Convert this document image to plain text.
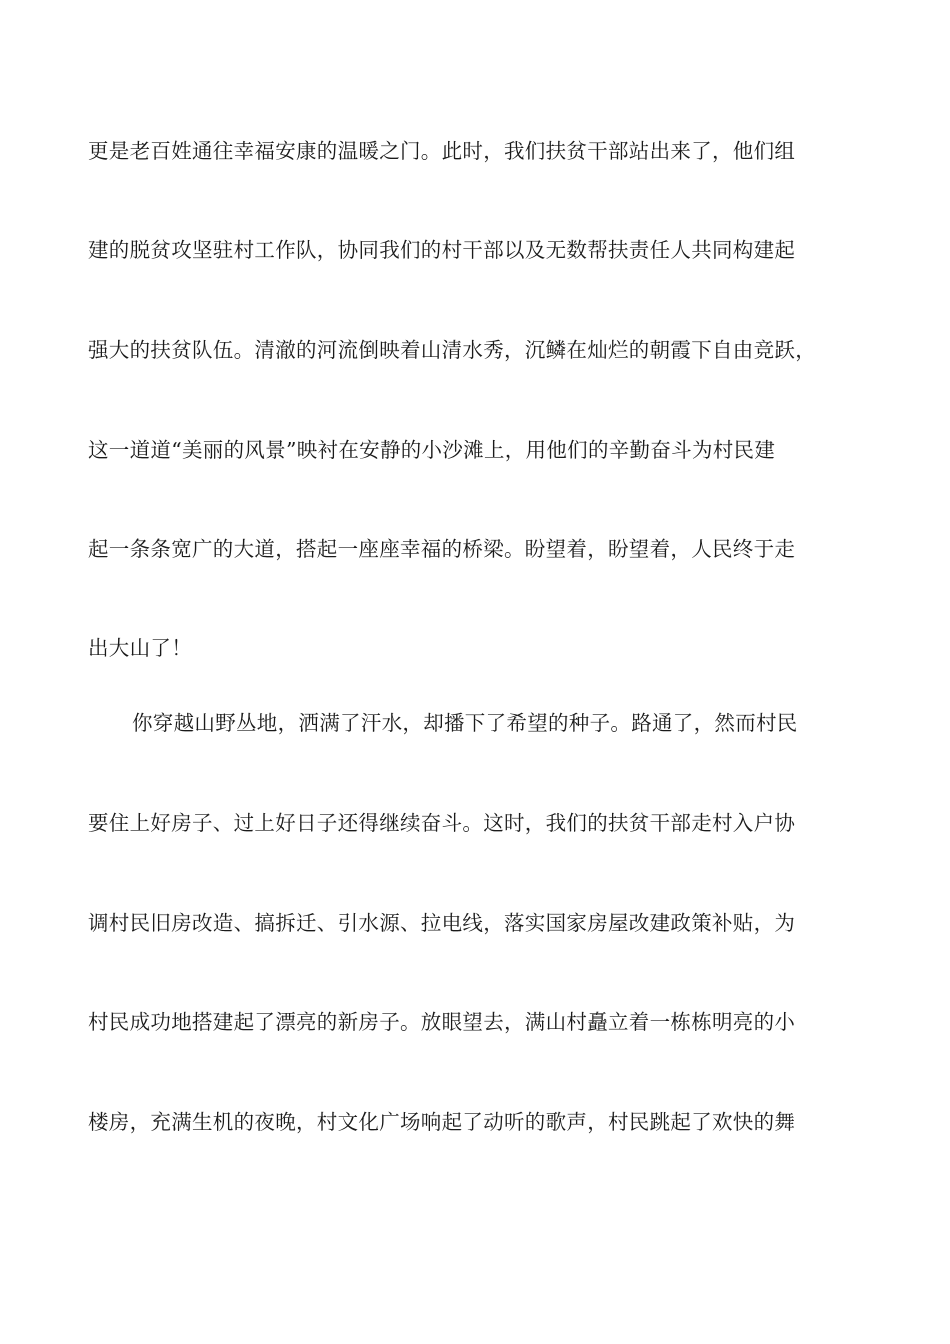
更是老百姓通往幸福安康的温暖之门。此时，我们扶贫干部站出来了，他们组
建的脱贫攻坚驻村工作队，协同我们的村干部以及无数帮扶责任人共同构建起
强大的扶贫队伍。清澈的河流倒映着山清水秀，沉鳞在灿烂的朝霞下自由竞跃，
这一道道“美丽的风景”映衬在安静的小沙滩上，用他们的辛勤奋斗为村民建
起一条条宽广的大道，搭起一座座幸福的桥梁。盼望着，盼望着，人民终于走
出大山了！
你穿越山野丛地，洒满了汗水，却播下了希望的种子。路通了，然而村民
要住上好房子、过上好日子还得继续奋斗。这时，我们的扶贫干部走村入户协
调村民旧房改造、搞拆迁、引水源、拉电线，落实国家房屋改建政策补贴，为
村民成功地搭建起了漂亮的新房子。放眼望去，满山村矗立着一栋栋明亮的小
楼房，充满生机的夜晚，村文化广场响起了动听的歌声，村民跳起了欢快的舞
